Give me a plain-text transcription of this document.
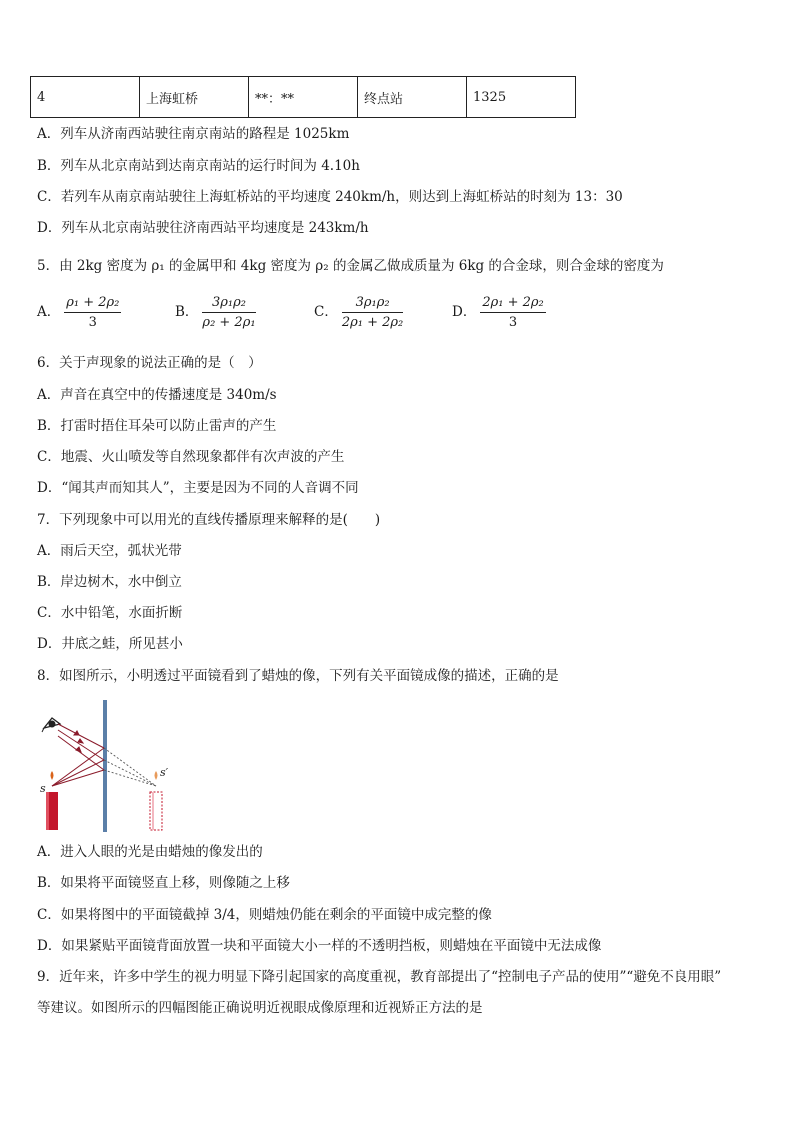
4	上海虹桥	**：**	终点站	1325
A．列车从济南西站驶往南京南站的路程是 1025km
B．列车从北京南站到达南京南站的运行时间为 4.10h
C．若列车从南京南站驶往上海虹桥站的平均速度 240km/h，则达到上海虹桥站的时刻为 13：30
D．列车从北京南站驶往济南西站平均速度是 243km/h
5．由 2kg 密度为 ρ₁ 的金属甲和 4kg 密度为 ρ₂ 的金属乙做成质量为 6kg 的合金球，则合金球的密度为
A． $\frac{\text{ρ₁ + 2ρ₂}}{3}$	B． $\frac{\text{3ρ₁ρ₂}}{\text{ρ₂ + 2ρ₁}}$	C． $\frac{\text{3ρ₁ρ₂}}{\text{2ρ₁ + 2ρ₂}}$	D． $\frac{\text{2ρ₁ + 2ρ₂}}{3}$
6．关于声现象的说法正确的是（　）
A．声音在真空中的传播速度是 340m/s
B．打雷时捂住耳朵可以防止雷声的产生
C．地震、火山喷发等自然现象都伴有次声波的产生
D．“闻其声而知其人”，主要是因为不同的人音调不同
7．下列现象中可以用光的直线传播原理来解释的是(　　)
A．雨后天空，弧状光带
B．岸边树木，水中倒立
C．水中铅笔，水面折断
D．井底之蛙，所见甚小
8．如图所示，小明透过平面镜看到了蜡烛的像，下列有关平面镜成像的描述，正确的是
s
s′
A．进入人眼的光是由蜡烛的像发出的
B．如果将平面镜竖直上移，则像随之上移
C．如果将图中的平面镜截掉 3/4，则蜡烛仍能在剩余的平面镜中成完整的像
D．如果紧贴平面镜背面放置一块和平面镜大小一样的不透明挡板，则蜡烛在平面镜中无法成像
9．近年来，许多中学生的视力明显下降引起国家的高度重视，教育部提出了“控制电子产品的使用”“避免不良用眼”
等建议。如图所示的四幅图能正确说明近视眼成像原理和近视矫正方法的是
